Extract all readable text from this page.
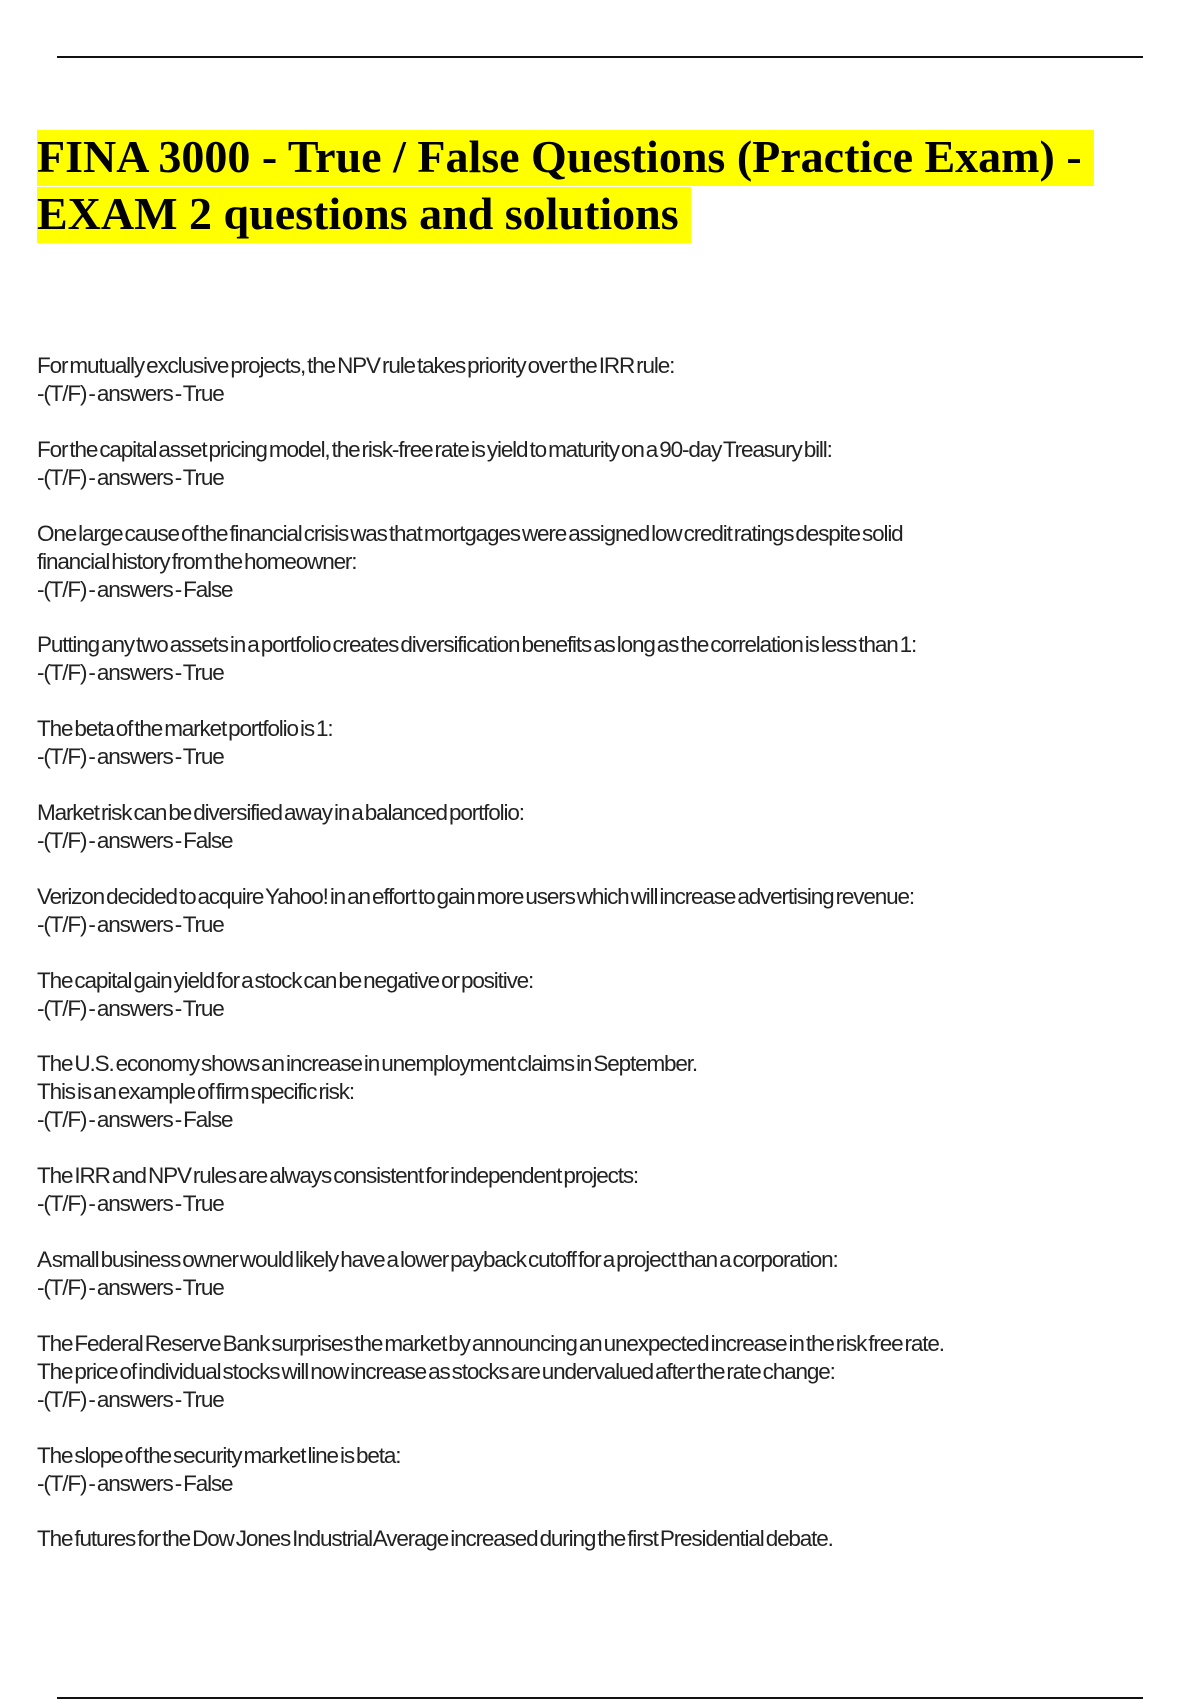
FINA 3000 - True / False Questions (Practice Exam) - EXAM 2 questions and solutions
For mutually exclusive projects, the NPV rule takes priority over the IRR rule:
-(T/F) - answers - True
For the capital asset pricing model, the risk-free rate is yield to maturity on a 90-day Treasury bill:
-(T/F) - answers - True
One large cause of the financial crisis was that mortgages were assigned low credit ratings despite solid
financial history from the homeowner:
-(T/F) - answers - False
Putting any two assets in a portfolio creates diversification benefits as long as the correlation is less than 1:
-(T/F) - answers - True
The beta of the market portfolio is 1:
-(T/F) - answers - True
Market risk can be diversified away in a balanced portfolio:
-(T/F) - answers - False
Verizon decided to acquire Yahoo! in an effort to gain more users which will increase advertising revenue:
-(T/F) - answers - True
The capital gain yield for a stock can be negative or positive:
-(T/F) - answers - True
The U.S. economy shows an increase in unemployment claims in September.
This is an example of firm specific risk:
-(T/F) - answers - False
The IRR and NPV rules are always consistent for independent projects:
-(T/F) - answers - True
A small business owner would likely have a lower payback cutoff for a project than a corporation:
-(T/F) - answers - True
The Federal Reserve Bank surprises the market by announcing an unexpected increase in the risk free rate.
The price of individual stocks will now increase as stocks are undervalued after the rate change:
-(T/F) - answers - True
The slope of the security market line is beta:
-(T/F) - answers - False
The futures for the Dow Jones Industrial Average increased during the first Presidential debate.
